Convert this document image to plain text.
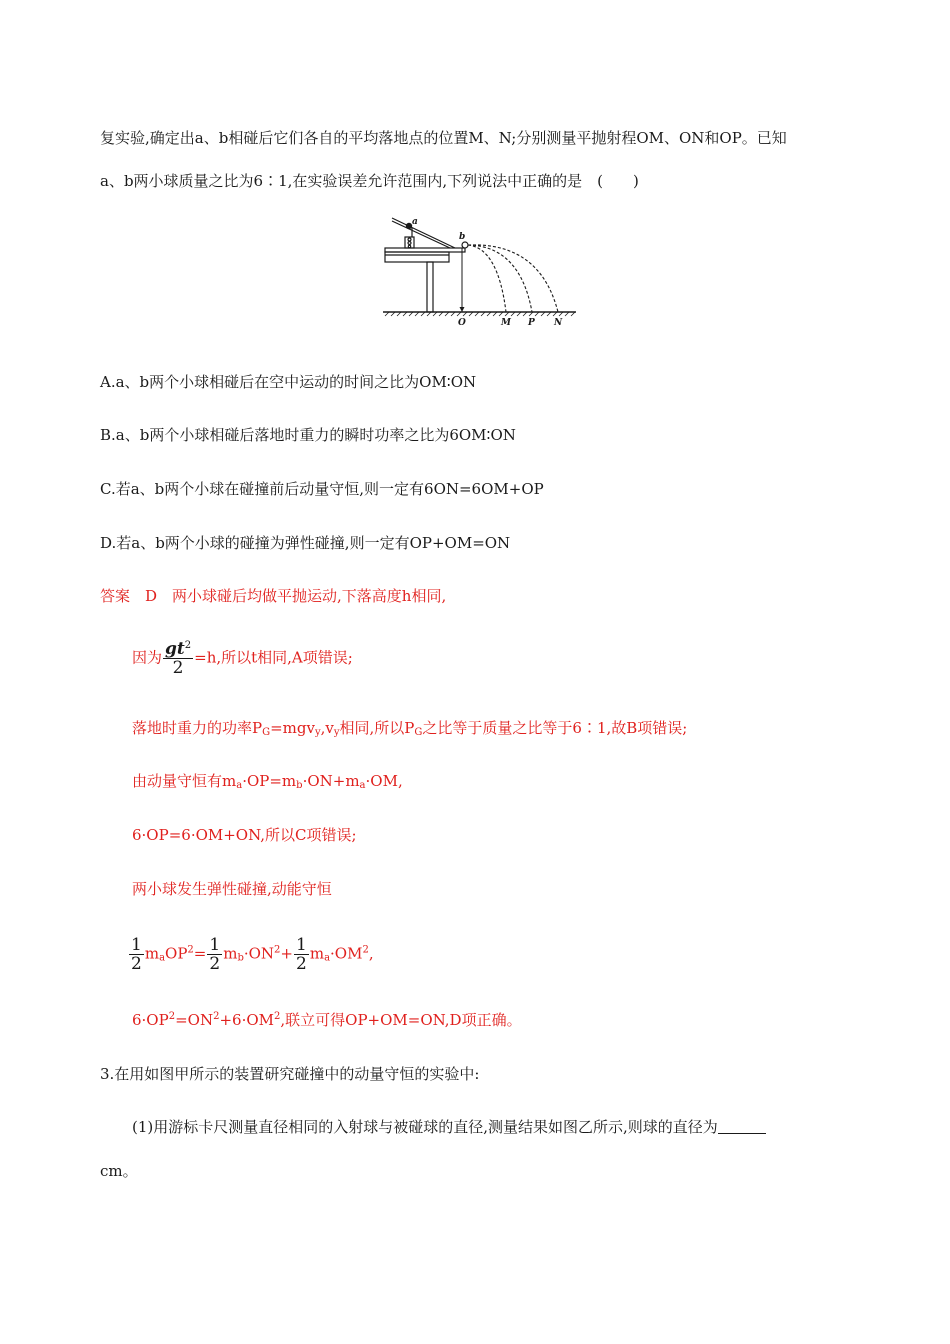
复实验,确定出a、b相碰后它们各自的平均落地点的位置M、N;分别测量平抛射程OM、ON和OP。已知
a、b两小球质量之比为6∶1,在实验误差允许范围内,下列说法中正确的是　(　　)
a
b
O	M P N
A.a、b两个小球相碰后在空中运动的时间之比为OM∶ON
B.a、b两个小球相碰后落地时重力的瞬时功率之比为6OM∶ON
C.若a、b两个小球在碰撞前后动量守恒,则一定有6ON=6OM+OP
D.若a、b两个小球的碰撞为弹性碰撞,则一定有OP+OM=ON
答案　D　两小球碰后均做平抛运动,下落高度h相同,
因为 $\frac{gt^2}{2} =h$,所以t相同,A项错误;
落地时重力的功率$P_G=mgv_y,v_y$相同,所以$P_G$之比等于质量之比等于6∶1,故B项错误;
由动量守恒有$m_a\cdot OP=m_b\cdot ON+m_a\cdot OM$,
6·OP=6·OM+ON,所以C项错误;
两小球发生弹性碰撞,动能守恒
$\frac{1}{2} m_aOP^2= \frac{1}{2} m_b\cdot ON^2+ \frac{1}{2} m_a\cdot OM^2$,
$6\cdot OP^2=ON^2+6\cdot OM^2$,联立可得OP+OM=ON,D项正确。
3.在用如图甲所示的装置研究碰撞中的动量守恒的实验中:
(1)用游标卡尺测量直径相同的入射球与被碰球的直径,测量结果如图乙所示,则球的直径为
cm。
